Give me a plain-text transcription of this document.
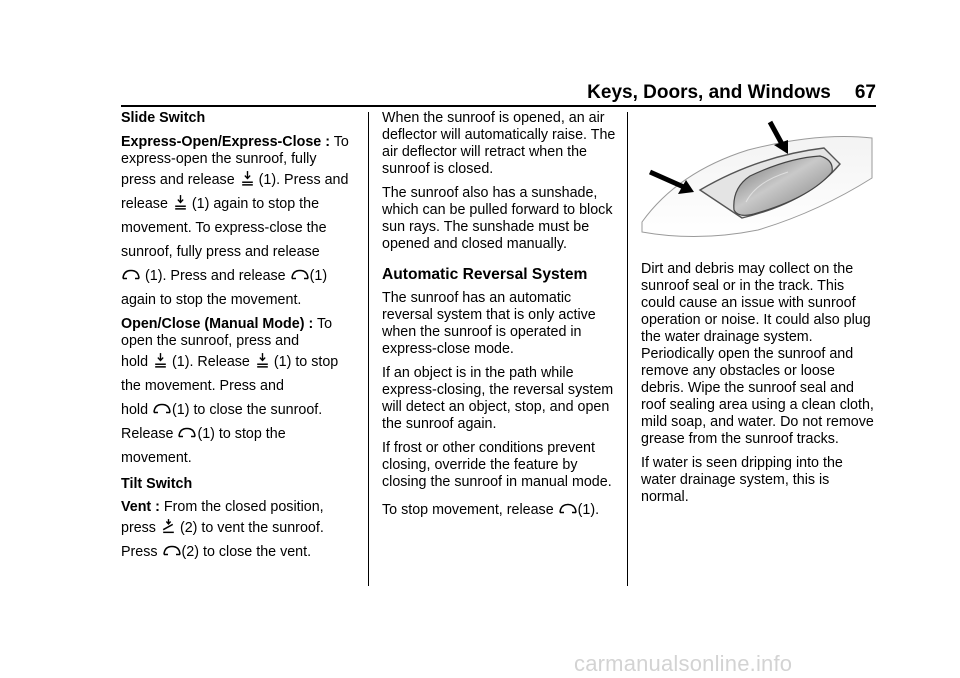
Keys, Doors, and Windows 67

Slide Switch

Express-Open/Express-Close : To express-open the sunroof, fully

press and release (1). Press and

release (1) again to stop the

movement. To express-close the

sunroof, fully press and release

(1). Press and release (1)

again to stop the movement.

Open/Close (Manual Mode) : To open the sunroof, press and

hold (1). Release (1) to stop

the movement. Press and

hold (1) to close the sunroof.

Release (1) to stop the

movement.

Tilt Switch

Vent : From the closed position,

press (2) to vent the sunroof.

Press (2) to close the vent.

When the sunroof is opened, an air deflector will automatically raise. The air deflector will retract when the sunroof is closed.

The sunroof also has a sunshade, which can be pulled forward to block sun rays. The sunshade must be opened and closed manually.

Automatic Reversal System

The sunroof has an automatic reversal system that is only active when the sunroof is operated in express-close mode.

If an object is in the path while express-closing, the reversal system will detect an object, stop, and open the sunroof again.

If frost or other conditions prevent closing, override the feature by closing the sunroof in manual mode.

To stop movement, release (1).

Dirt and debris may collect on the sunroof seal or in the track. This could cause an issue with sunroof operation or noise. It could also plug the water drainage system. Periodically open the sunroof and remove any obstacles or loose debris. Wipe the sunroof seal and roof sealing area using a clean cloth, mild soap, and water. Do not remove grease from the sunroof tracks.

If water is seen dripping into the water drainage system, this is normal.

carmanualsonline.info
